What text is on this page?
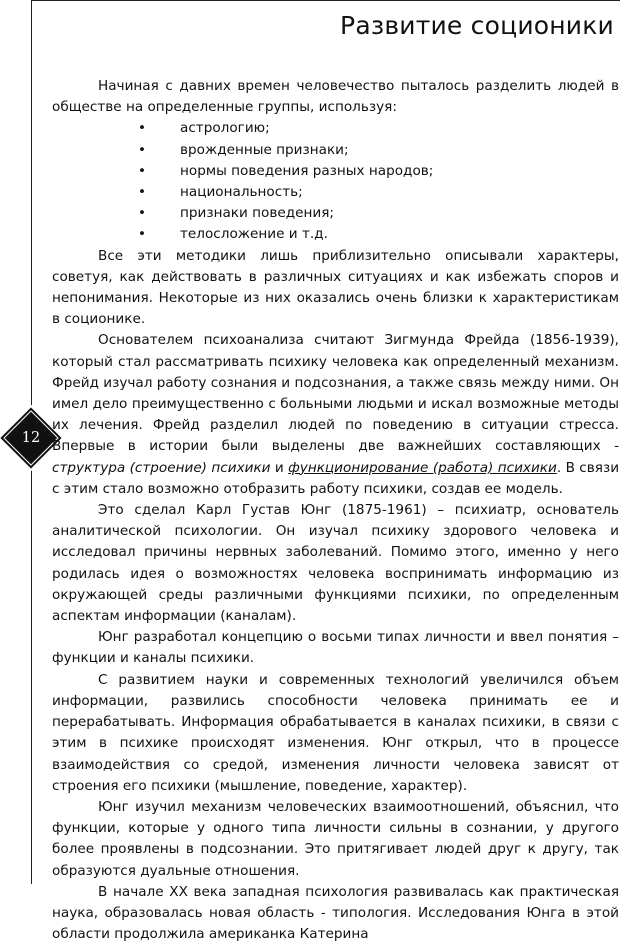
Развитие соционики
12

Начиная с давних времен человечество пыталось разделить людей в обществе на определенные группы, используя:

• астрологию;
• врожденные признаки;
• нормы поведения разных народов;
• национальность;
• признаки поведения;
• телосложение и т.д.

Все эти методики лишь приблизительно описывали характеры, советуя, как действовать в различных ситуациях и как избежать споров и непонимания. Некоторые из них оказались очень близки к характеристикам в соционике.

Основателем психоанализа считают Зигмунда Фрейда (1856-1939), который стал рассматривать психику человека как определенный механизм. Фрейд изучал работу сознания и подсознания, а также связь между ними. Он имел дело преимущественно с больными людьми и искал возможные методы их лечения. Фрейд разделил людей по поведению в ситуации стресса. Впервые в истории были выделены две важнейших составляющих - структура (строение) психики и функционирование (работа) психики. В связи с этим стало возможно отобразить работу психики, создав ее модель.

Это сделал Карл Густав Юнг (1875-1961) – психиатр, основатель аналитической психологии. Он изучал психику здорового человека и исследовал причины нервных заболеваний. Помимо этого, именно у него родилась идея о возможностях человека воспринимать информацию из окружающей среды различными функциями психики, по определенным аспектам информации (каналам).

Юнг разработал концепцию о восьми типах личности и ввел понятия – функции и каналы психики.

С развитием науки и современных технологий увеличился объем информации, развились способности человека принимать ее и перерабатывать. Информация обрабатывается в каналах психики, в связи с этим в психике происходят изменения. Юнг открыл, что в процессе взаимодействия со средой, изменения личности человека зависят от строения его психики (мышление, поведение, характер).

Юнг изучил механизм человеческих взаимоотношений, объяснил, что функции, которые у одного типа личности сильны в сознании, у другого более проявлены в подсознании. Это притягивает людей друг к другу, так образуются дуальные отношения.

В начале XX века западная психология развивалась как практическая наука, образовалась новая область - типология. Исследования Юнга в этой области продолжила американка Катерина
